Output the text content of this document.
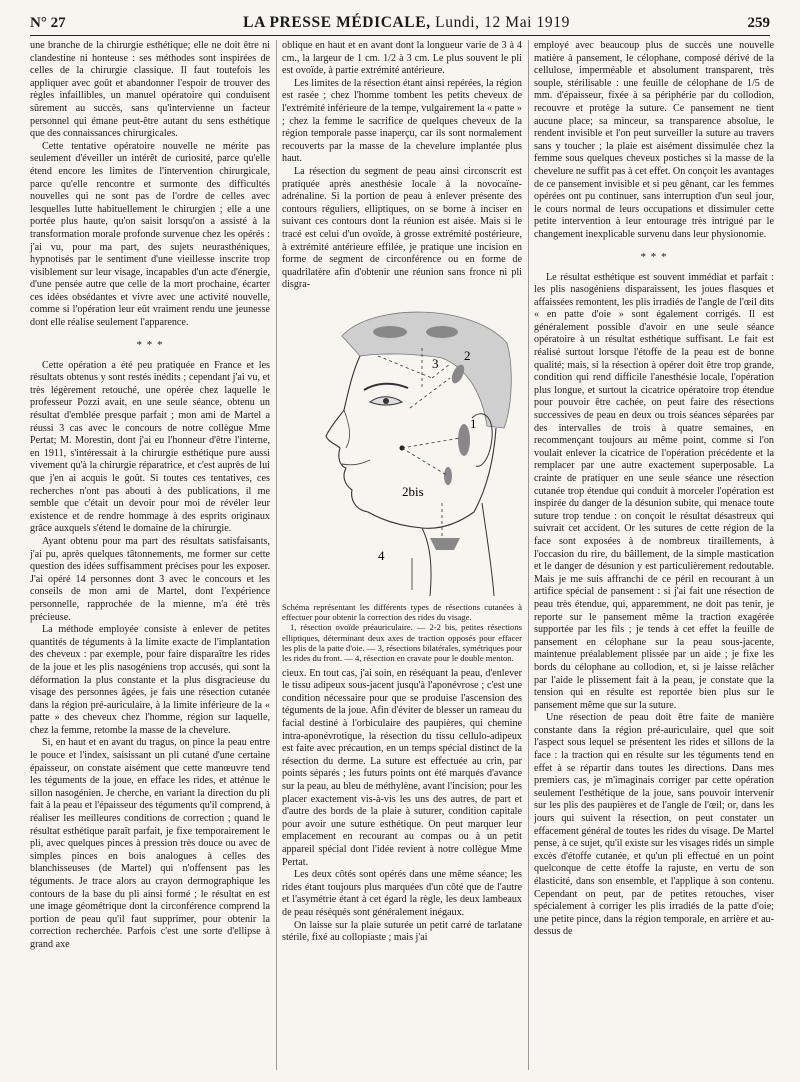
N° 27	LA PRESSE MÉDICALE, Lundi, 12 Mai 1919	259

une branche de la chirurgie esthétique; elle ne doit être ni clandestine ni honteuse : ses méthodes sont inspirées de celles de la chirurgie classique. Il faut toutefois les appliquer avec goût et abandonner l'espoir de trouver des règles infaillibles, un manuel opératoire qui conduisent sûrement au succès, sans qu'intervienne un facteur personnel qui émane peut-être autant du sens esthétique que des connaissances chirurgicales.

Cette tentative opératoire nouvelle ne mérite pas seulement d'éveiller un intérêt de curiosité, parce qu'elle étend encore les limites de l'intervention chirurgicale, parce qu'elle rencontre et surmonte des difficultés nouvelles qui ne sont pas de l'ordre de celles avec lesquelles lutte habituellement le chirurgien ; elle a une portée plus haute, qu'on saisit lorsqu'on a assisté à la transformation morale profonde survenue chez les opérés : j'ai vu, pour ma part, des sujets neurasthéniques, hypnotisés par le sentiment d'une vieillesse inscrite trop visiblement sur leur visage, incapables d'un acte d'énergie, d'une pensée autre que celle de la mort prochaine, écarter ces idées obsédantes et vivre avec une activité nouvelle, comme si l'opération leur eût vraiment rendu une jeunesse dont elle réalise seulement l'apparence.

* * *

Cette opération a été peu pratiquée en France et les résultats obtenus y sont restés inédits ; cependant j'ai vu, et très légèrement retouché, une opérée chez laquelle le professeur Pozzi avait, en une seule séance, obtenu un résultat d'emblée presque parfait ; mon ami de Martel a réussi 3 cas avec le concours de notre collègue Mme Pertat; M. Morestin, dont j'ai eu l'honneur d'être l'interne, en 1911, s'intéressait à la chirurgie esthétique pure aussi vivement qu'à la chirurgie réparatrice, et c'est auprès de lui que j'en ai acquis le goût. Si toutes ces tentatives, ces recherches n'ont pas abouti à des publications, il me semble que c'était un devoir pour moi de révéler leur existence et de rendre hommage à des esprits originaux grâce auxquels s'étend le domaine de la chirurgie.

Ayant obtenu pour ma part des résultats satisfaisants, j'ai pu, après quelques tâtonnements, me former sur cette question des idées suffisamment précises pour les exposer. J'ai opéré 14 personnes dont 3 avec le concours et les conseils de mon ami de Martel, dont l'expérience personnelle, rapprochée de la mienne, m'a été très précieuse.

La méthode employée consiste à enlever de petites quantités de téguments à la limite exacte de l'implantation des cheveux : par exemple, pour faire disparaître les rides de la joue et les plis nasogéniens trop accusés, qui sont la déformation la plus constante et la plus disgracieuse du visage des personnes âgées, je fais une résection cutanée dans la région pré-auriculaire, à la limite inférieure de la « patte » des cheveux chez l'homme, région sur laquelle, chez la femme, retombe la masse de la chevelure.

Si, en haut et en avant du tragus, on pince la peau entre le pouce et l'index, saisissant un pli cutané d'une certaine épaisseur, on constate aisément que cette manœuvre tend les téguments de la joue, en efface les rides, et atténue le sillon nasogénien. Je cherche, en variant la direction du pli fait à la peau et l'épaisseur des téguments qu'il comprend, à réaliser les meilleures conditions de correction ; quand le résultat esthétique paraît parfait, je fixe temporairement le pli, avec quelques pinces à pression très douce ou avec de simples pinces en bois analogues à celles des blanchisseuses (de Martel) qui n'offensent pas les téguments. Je trace alors au crayon dermographique les contours de la base du pli ainsi formé ; le résultat en est une image géométrique dont la circonférence comprend la portion de peau qu'il faut supprimer, pour obtenir la correction recherchée. Parfois c'est une sorte d'ellipse à grand axe

oblique en haut et en avant dont la longueur varie de 3 à 4 cm., la largeur de 1 cm. 1/2 à 3 cm. Le plus souvent le pli est ovoïde, à partie extrémité antérieure.

Les limites de la résection étant ainsi repérées, la région est rasée ; chez l'homme tombent les petits cheveux de l'extrémité inférieure de la tempe, vulgairement la « patte » ; chez la femme le sacrifice de quelques cheveux de la région temporale passe inaperçu, car ils sont normalement recouverts par la masse de la chevelure implantée plus haut.

La résection du segment de peau ainsi circonscrit est pratiquée après anesthésie locale à la novocaïne-adrénaline. Si la portion de peau à enlever présente des contours réguliers, elliptiques, on se borne à inciser en suivant ces contours dont la réunion est aisée. Mais si le tracé est celui d'un ovoïde, à grosse extrémité postérieure, à extrémité antérieure effilée, je pratique une incision en forme de segment de circonférence ou en forme de quadrilatère afin d'obtenir une réunion sans fronce ni pli disgra-

3
2
1
2bis
4
Schéma représentant les différents types de résections cutanées à effectuer pour obtenir la correction des rides du visage.
1, résection ovoïde préauriculaire. — 2-2 bis, petites résections elliptiques, déterminant deux axes de traction opposés pour effacer les plis de la patte d'oie. — 3, résections bilatérales, symétriques pour les rides du front. — 4, résection en cravate pour le double menton.

cieux. En tout cas, j'ai soin, en réséquant la peau, d'enlever le tissu adipeux sous-jacent jusqu'à l'aponévrose ; c'est une condition nécessaire pour que se produise l'ascension des téguments de la joue. Afin d'éviter de blesser un rameau du facial destiné à l'orbiculaire des paupières, qui chemine intra-aponévrotique, la résection du tissu cellulo-adipeux est faite avec précaution, en un temps spécial distinct de la résection du derme. La suture est effectuée au crin, par points séparés ; les futurs points ont été marqués d'avance sur la peau, au bleu de méthylène, avant l'incision; pour les placer exactement vis-à-vis les uns des autres, de part et d'autre des bords de la plaie à suturer, condition capitale pour avoir une suture esthétique. On peut marquer leur emplacement en recourant au compas ou à un petit appareil spécial dont l'idée revient à notre collègue Mme Pertat.

Les deux côtés sont opérés dans une même séance; les rides étant toujours plus marquées d'un côté que de l'autre et l'asymétrie étant à cet égard la règle, les deux lambeaux de peau réséqués sont généralement inégaux.

On laisse sur la plaie suturée un petit carré de tarlatane stérile, fixé au collopiaste ; mais j'ai

employé avec beaucoup plus de succès une nouvelle matière à pansement, le célophane, composé dérivé de la cellulose, imperméable et absolument transparent, très souple, stérilisable : une feuille de célophane de 1/5 de mm. d'épaisseur, fixée à sa périphérie par du collodion, recouvre et protège la suture. Ce pansement ne tient aucune place; sa minceur, sa transparence absolue, le rendent invisible et l'on peut surveiller la suture au travers sans y toucher ; la plaie est aisément dissimulée chez la femme sous quelques cheveux postiches si la masse de la chevelure ne suffit pas à cet effet. On conçoit les avantages de ce pansement invisible et si peu gênant, car les femmes opérées ont pu continuer, sans interruption d'un seul jour, le cours normal de leurs occupations et dissimuler cette petite intervention à leur entourage très intrigué par le changement inexplicable survenu dans leur physionomie.

* * *

Le résultat esthétique est souvent immédiat et parfait : les plis nasogéniens disparaissent, les joues flasques et affaissées remontent, les plis irradiés de l'angle de l'œil dits « en patte d'oie » sont également corrigés. Il est généralement possible d'avoir en une seule séance opératoire à un résultat esthétique suffisant. Le fait est réalisé surtout lorsque l'étoffe de la peau est de bonne qualité; mais, si la résection à opérer doit être trop grande, condition qui rend difficile l'anesthésie locale, l'opération plus longue, et surtout la cicatrice opératoire trop étendue pour pouvoir être cachée, on peut faire des résections successives de peau en deux ou trois séances séparées par des intervalles de trois à quatre semaines, en recommençant toujours au même point, comme si l'on voulait enlever la cicatrice de l'opération précédente et la remplacer par une autre exactement superposable. La crainte de pratiquer en une seule séance une résection cutanée trop étendue qui conduit à morceler l'opération est inspirée du danger de la désunion subite, qui menace toute suture trop tendue : on conçoit le résultat désastreux qui suivrait cet accident. Or les sutures de cette région de la face sont exposées à de nombreux tiraillements, à l'occasion du rire, du bâillement, de la simple mastication et le danger de désunion y est particulièrement redoutable. Mais je me suis affranchi de ce péril en recourant à un artifice spécial de pansement : si j'ai fait une résection de peau très étendue, qui, apparemment, ne doit pas tenir, je reporte sur le pansement même la traction exagérée supportée par les fils ; je tends à cet effet la feuille de pansement en célophane sur la peau sous-jacente, maintenue préalablement plissée par un aide ; je fixe les bords du célophane au collodion, et, si je laisse relâcher par l'aide le plissement fait à la peau, je constate que la tension qui en résulte est reportée bien plus sur le pansement même que sur la suture.

Une résection de peau doit être faite de manière constante dans la région pré-auriculaire, quel que soit l'aspect sous lequel se présentent les rides et sillons de la face : la traction qui en résulte sur les téguments tend en effet à se répartir dans toutes les directions. Dans mes premiers cas, je m'imaginais corriger par cette opération seulement l'esthétique de la joue, sans pouvoir intervenir sur les plis des paupières et de l'angle de l'œil; or, dans les jours qui suivent la résection, on peut constater un effacement général de toutes les rides du visage. De Martel pense, à ce sujet, qu'il existe sur les visages ridés un simple excès d'étoffe cutanée, et qu'un pli effectué en un point quelconque de cette étoffe la rajuste, en vertu de son élasticité, dans son ensemble, et l'applique à son contenu. Cependant on peut, par de petites retouches, viser spécialement à corriger les plis irradiés de la patte d'oie; une petite pince, dans la région temporale, en arrière et au-dessus de
